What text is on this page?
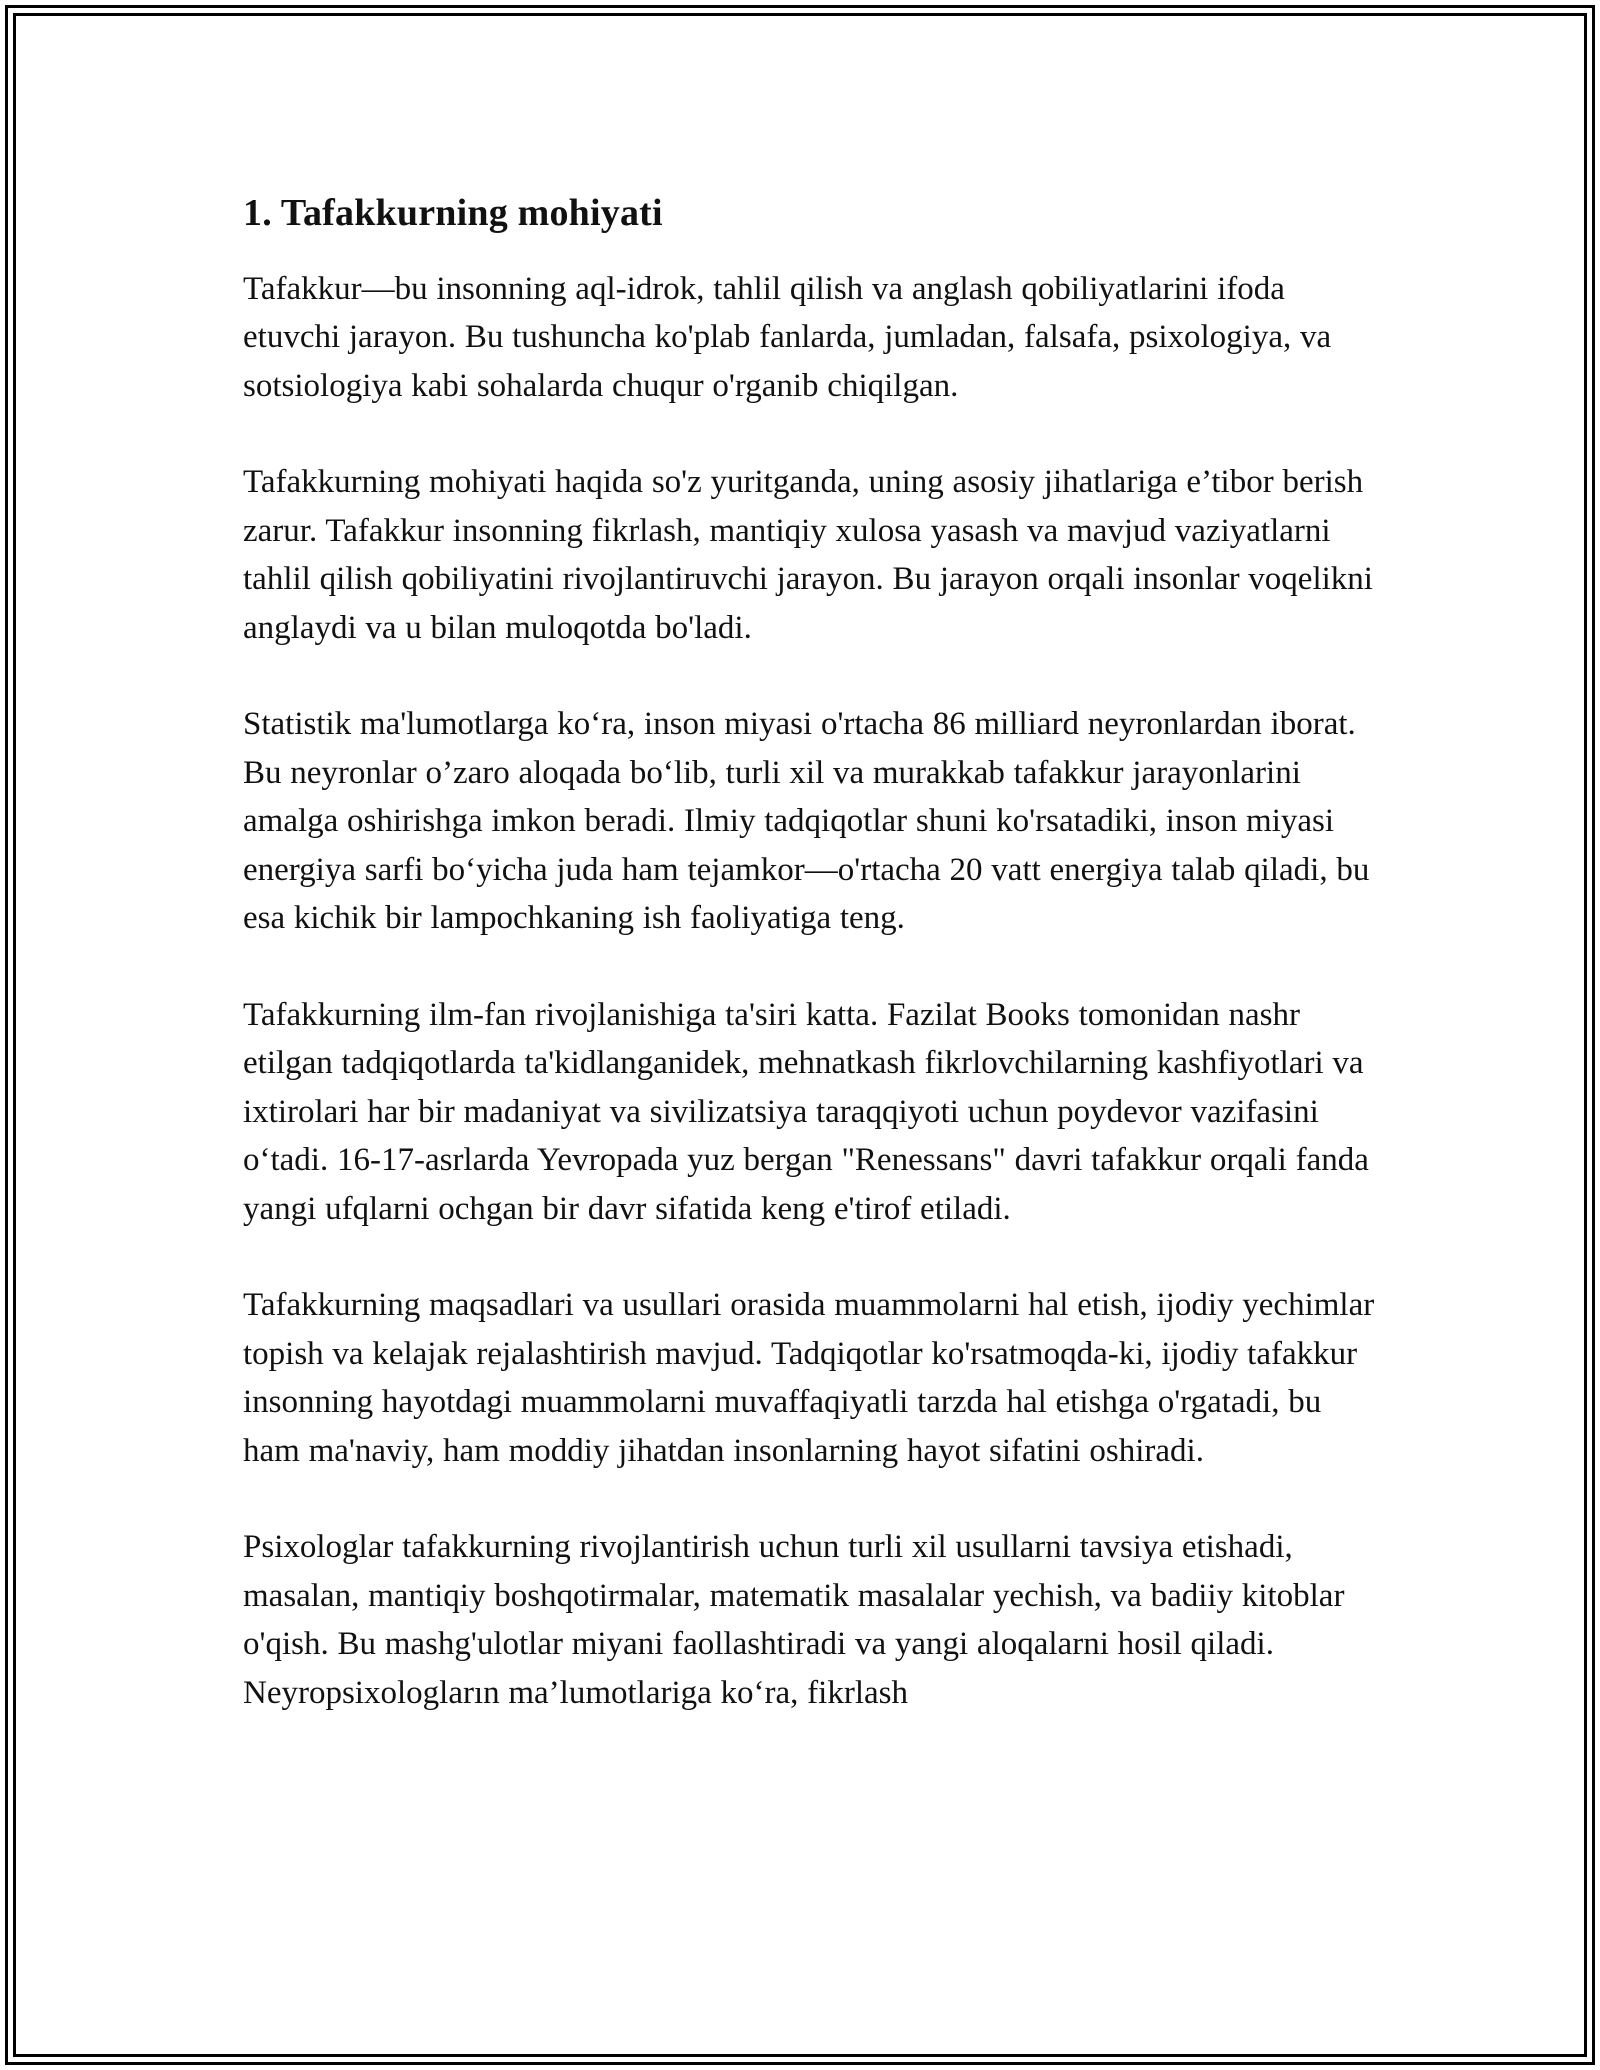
1. Tafakkurning mohiyati

Tafakkur—bu insonning aql-idrok, tahlil qilish va anglash qobiliyatlarini ifoda etuvchi jarayon. Bu tushuncha ko'plab fanlarda, jumladan, falsafa, psixologiya, va sotsiologiya kabi sohalarda chuqur o'rganib chiqilgan.

Tafakkurning mohiyati haqida so'z yuritganda, uning asosiy jihatlariga e’tibor berish zarur. Tafakkur insonning fikrlash, mantiqiy xulosa yasash va mavjud vaziyatlarni tahlil qilish qobiliyatini rivojlantiruvchi jarayon. Bu jarayon orqali insonlar voqelikni anglaydi va u bilan muloqotda bo'ladi.

Statistik ma'lumotlarga ko‘ra, inson miyasi o'rtacha 86 milliard neyronlardan iborat. Bu neyronlar o’zaro aloqada bo‘lib, turli xil va murakkab tafakkur jarayonlarini amalga oshirishga imkon beradi. Ilmiy tadqiqotlar shuni ko'rsatadiki, inson miyasi energiya sarfi bo‘yicha juda ham tejamkor—o'rtacha 20 vatt energiya talab qiladi, bu esa kichik bir lampochkaning ish faoliyatiga teng.

Tafakkurning ilm-fan rivojlanishiga ta'siri katta. Fazilat Books tomonidan nashr etilgan tadqiqotlarda ta'kidlanganidek, mehnatkash fikrlovchilarning kashfiyotlari va ixtirolari har bir madaniyat va sivilizatsiya taraqqiyoti uchun poydevor vazifasini o‘tadi. 16-17-asrlarda Yevropada yuz bergan "Renessans" davri tafakkur orqali fanda yangi ufqlarni ochgan bir davr sifatida keng e'tirof etiladi.

Tafakkurning maqsadlari va usullari orasida muammolarni hal etish, ijodiy yechimlar topish va kelajak rejalashtirish mavjud. Tadqiqotlar ko'rsatmoqda-ki, ijodiy tafakkur insonning hayotdagi muammolarni muvaffaqiyatli tarzda hal etishga o'rgatadi, bu ham ma'naviy, ham moddiy jihatdan insonlarning hayot sifatini oshiradi.

Psixologlar tafakkurning rivojlantirish uchun turli xil usullarni tavsiya etishadi, masalan, mantiqiy boshqotirmalar, matematik masalalar yechish, va badiiy kitoblar o'qish. Bu mashg'ulotlar miyani faollashtiradi va yangi aloqalarni hosil qiladi. Neyropsixologların ma’lumotlariga ko‘ra, fikrlash
